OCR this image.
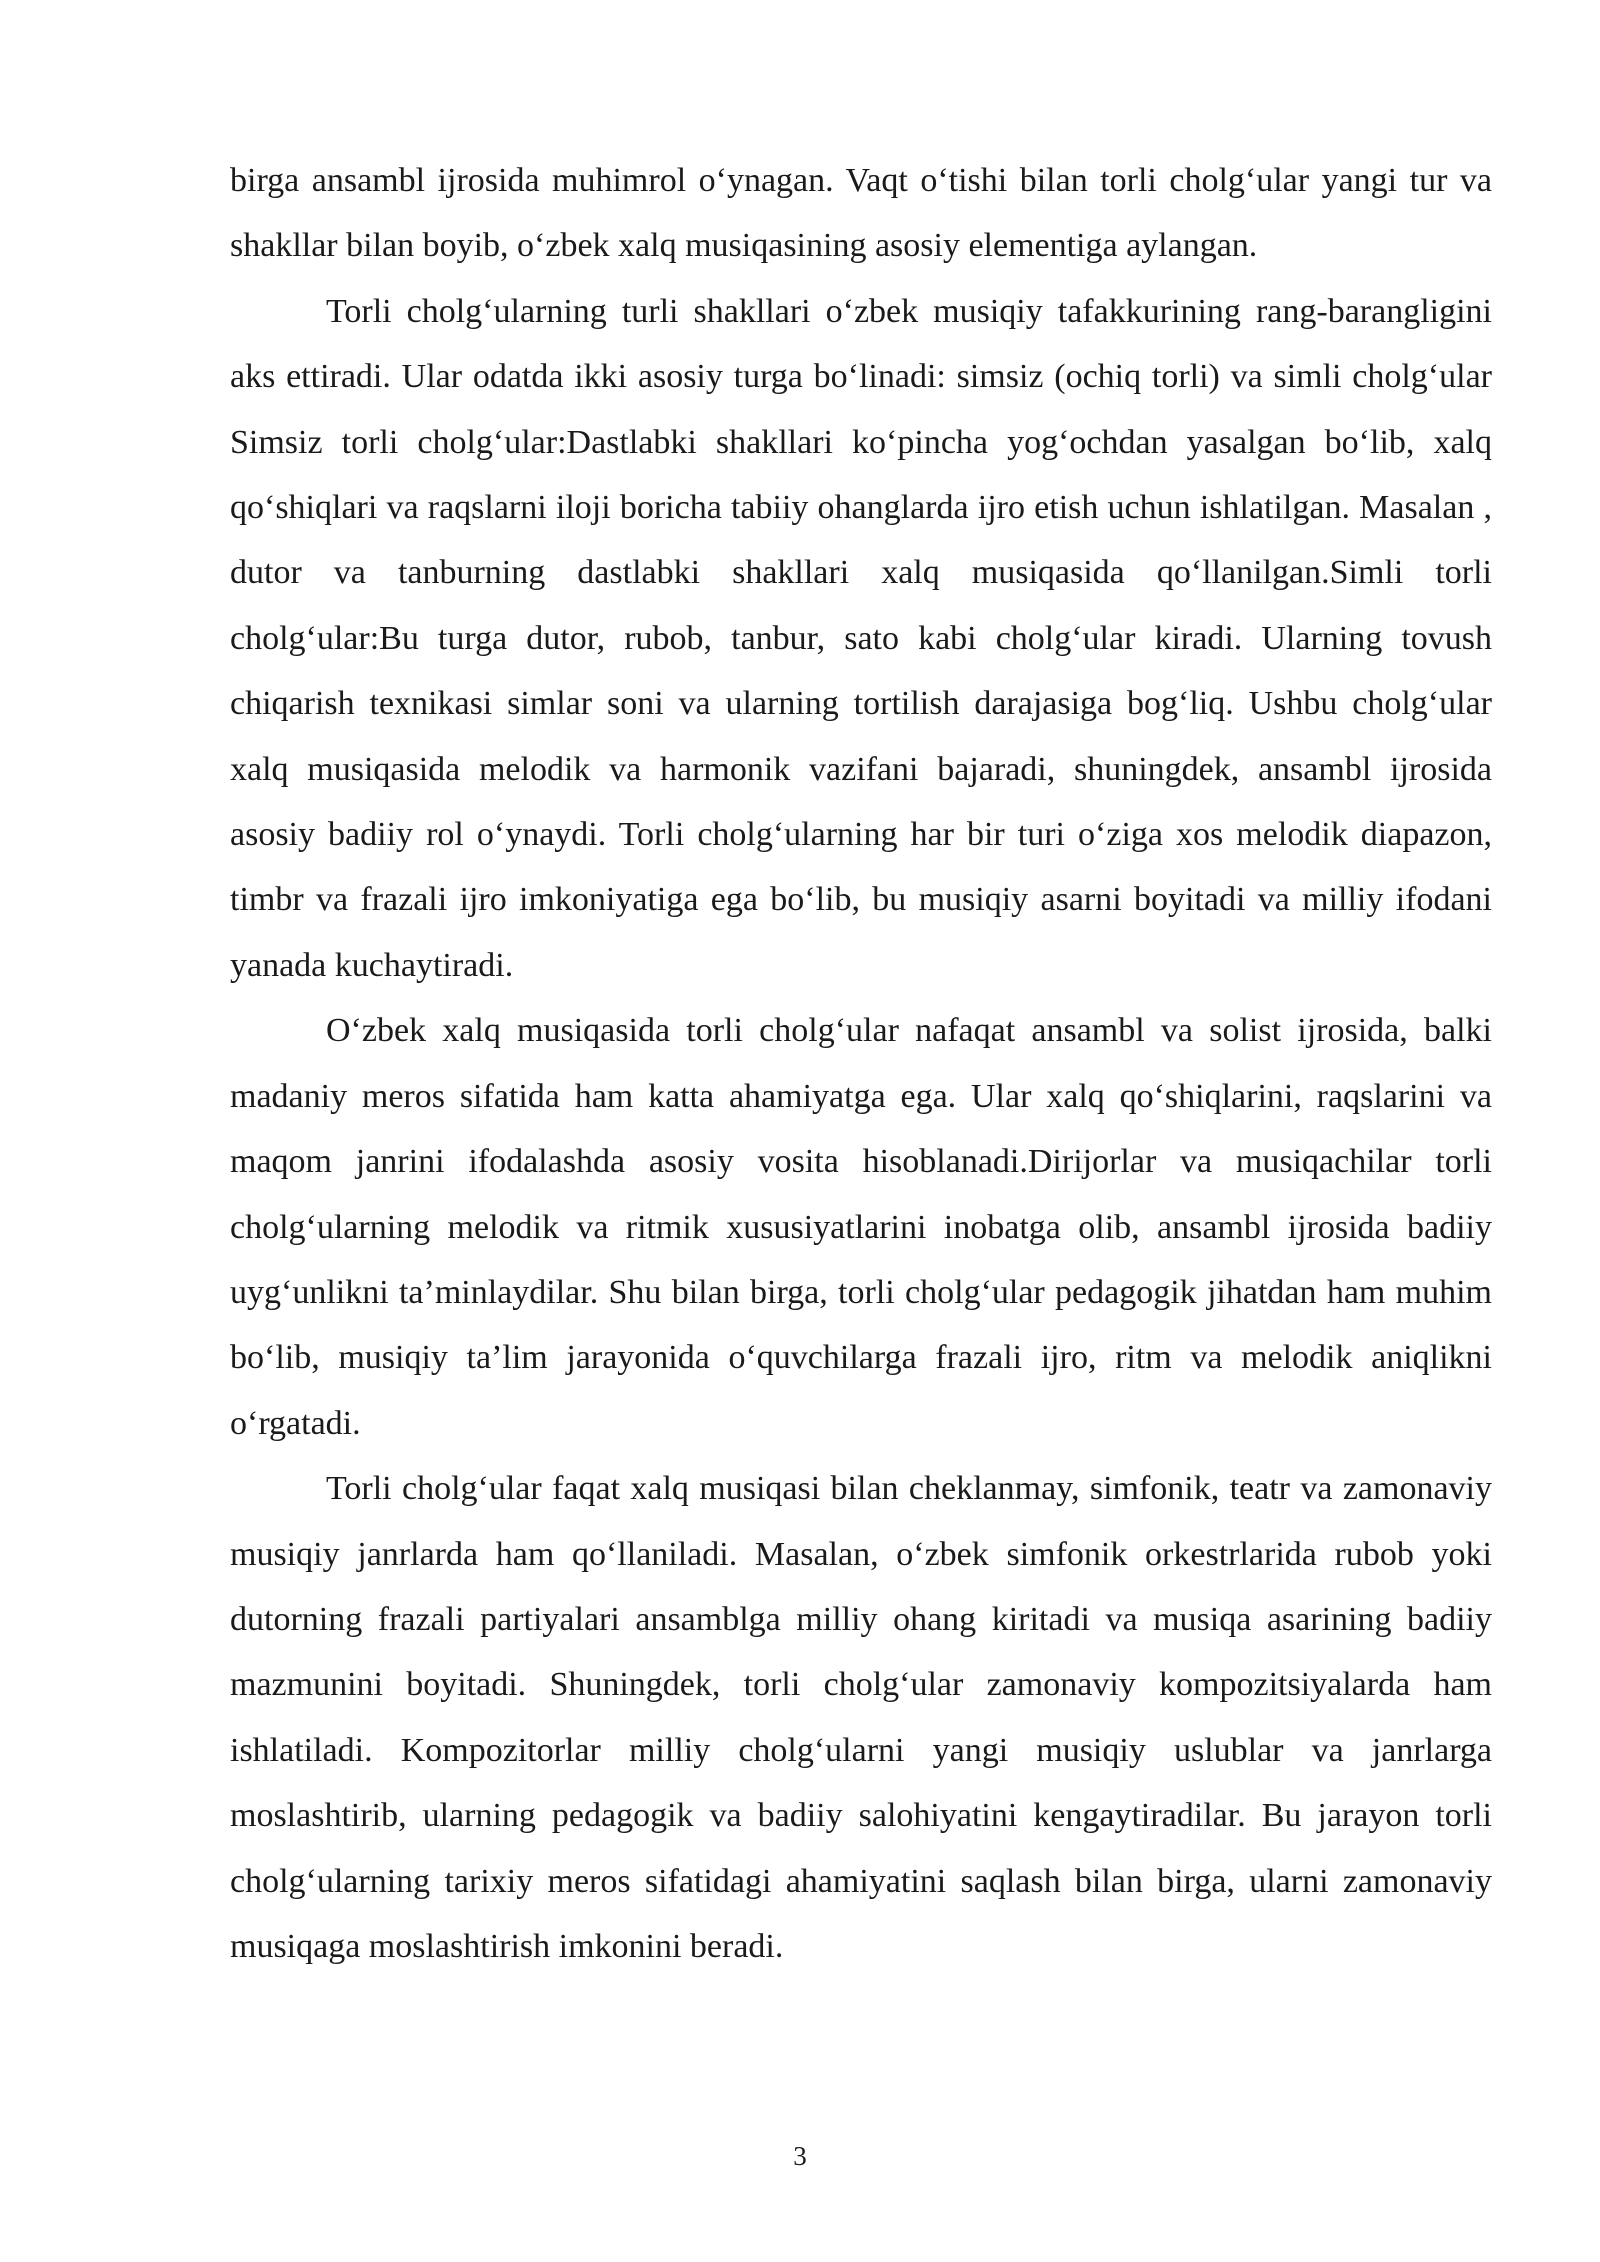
birga ansambl ijrosida muhimrol o‘ynagan. Vaqt o‘tishi bilan torli cholg‘ular yangi tur va shakllar bilan boyib, o‘zbek xalq musiqasining asosiy elementiga aylangan.

Torli cholg‘ularning turli shakllari o‘zbek musiqiy tafakkurining rang-barangligini aks ettiradi. Ular odatda ikki asosiy turga bo‘linadi: simsiz (ochiq torli) va simli cholg‘ular Simsiz torli cholg‘ular:Dastlabki shakllari ko‘pincha yog‘ochdan yasalgan bo‘lib, xalq qo‘shiqlari va raqslarni iloji boricha tabiiy ohanglarda ijro etish uchun ishlatilgan. Masalan , dutor va tanburning dastlabki shakllari xalq musiqasida qo‘llanilgan.Simli torli cholg‘ular:Bu turga dutor, rubob, tanbur, sato kabi cholg‘ular kiradi. Ularning tovush chiqarish texnikasi simlar soni va ularning tortilish darajasiga bog‘liq. Ushbu cholg‘ular xalq musiqasida melodik va harmonik vazifani bajaradi, shuningdek, ansambl ijrosida asosiy badiiy rol o‘ynaydi. Torli cholg‘ularning har bir turi o‘ziga xos melodik diapazon, timbr va frazali ijro imkoniyatiga ega bo‘lib, bu musiqiy asarni boyitadi va milliy ifodani yanada kuchaytiradi.

O‘zbek xalq musiqasida torli cholg‘ular nafaqat ansambl va solist ijrosida, balki madaniy meros sifatida ham katta ahamiyatga ega. Ular xalq qo‘shiqlarini, raqslarini va maqom janrini ifodalashda asosiy vosita hisoblanadi.Dirijorlar va musiqachilar torli cholg‘ularning melodik va ritmik xususiyatlarini inobatga olib, ansambl ijrosida badiiy uyg‘unlikni ta’minlaydilar. Shu bilan birga, torli cholg‘ular pedagogik jihatdan ham muhim bo‘lib, musiqiy ta’lim jarayonida o‘quvchilarga frazali ijro, ritm va melodik aniqlikni o‘rgatadi.

Torli cholg‘ular faqat xalq musiqasi bilan cheklanmay, simfonik, teatr va zamonaviy musiqiy janrlarda ham qo‘llaniladi. Masalan, o‘zbek simfonik orkestrlarida rubob yoki dutorning frazali partiyalari ansamblga milliy ohang kiritadi va musiqa asarining badiiy mazmunini boyitadi. Shuningdek, torli cholg‘ular zamonaviy kompozitsiyalarda ham ishlatiladi. Kompozitorlar milliy cholg‘ularni yangi musiqiy uslublar va janrlarga moslashtirib, ularning pedagogik va badiiy salohiyatini kengaytiradilar. Bu jarayon torli cholg‘ularning tarixiy meros sifatidagi ahamiyatini saqlash bilan birga, ularni zamonaviy musiqaga moslashtirish imkonini beradi.

3
